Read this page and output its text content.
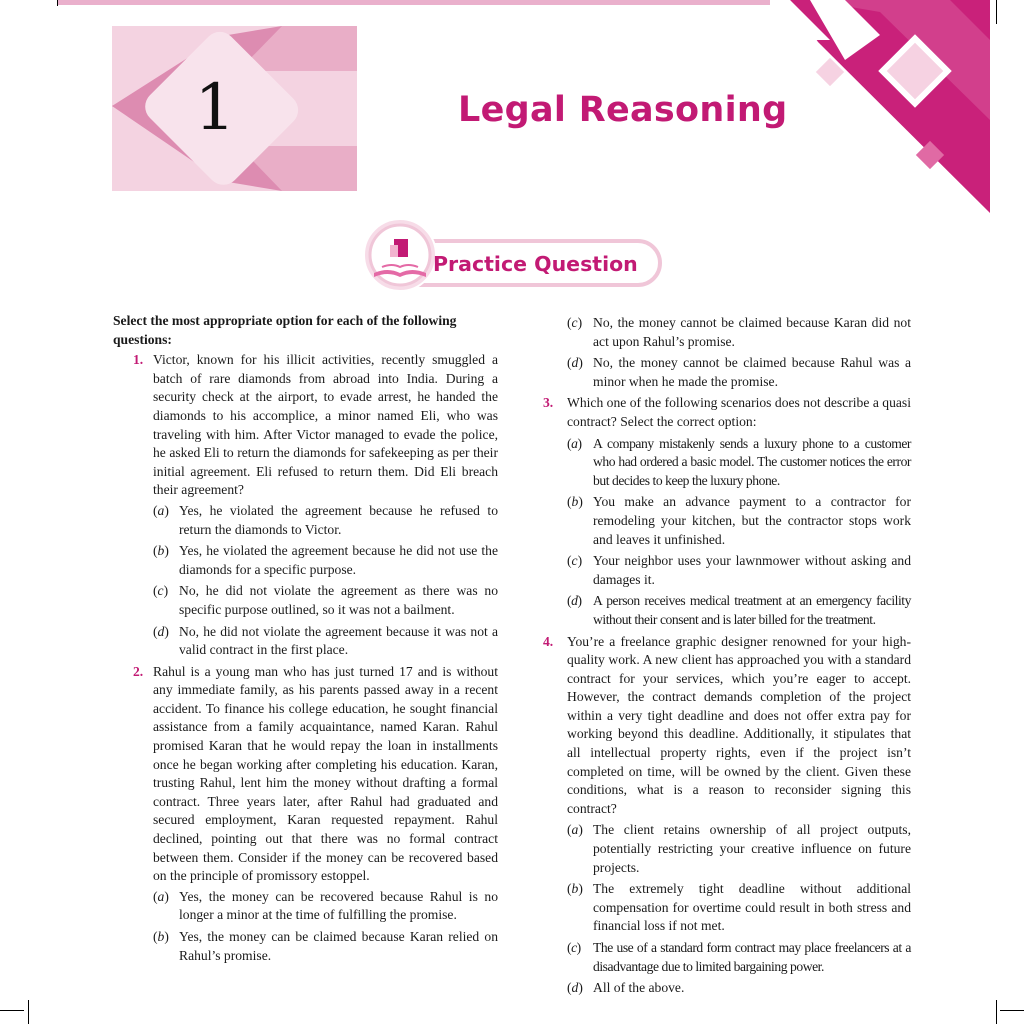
1	Legal Reasoning
Practice Question

Select the most appropriate option for each of the following questions:

1. Victor, known for his illicit activities, recently smuggled a batch of rare diamonds from abroad into India. During a security check at the airport, to evade arrest, he handed the diamonds to his accomplice, a minor named Eli, who was traveling with him. After Victor managed to evade the police, he asked Eli to return the diamonds for safekeeping as per their initial agreement. Eli refused to return them. Did Eli breach their agreement?

(a) Yes, he violated the agreement because he refused to return the diamonds to Victor.
(b) Yes, he violated the agreement because he did not use the diamonds for a specific purpose.
(c) No, he did not violate the agreement as there was no specific purpose outlined, so it was not a bailment.
(d) No, he did not violate the agreement because it was not a valid contract in the first place.
2. Rahul is a young man who has just turned 17 and is without any immediate family, as his parents passed away in a recent accident. To finance his college education, he sought financial assistance from a family acquaintance, named Karan. Rahul promised Karan that he would repay the loan in installments once he began working after completing his education. Karan, trusting Rahul, lent him the money without drafting a formal contract. Three years later, after Rahul had graduated and secured employment, Karan requested repayment. Rahul declined, pointing out that there was no formal contract between them. Consider if the money can be recovered based on the principle of promissory estoppel.

(a) Yes, the money can be recovered because Rahul is no longer a minor at the time of fulfilling the promise.
(b) Yes, the money can be claimed because Karan relied on Rahul’s promise.
(c) No, the money cannot be claimed because Karan did not act upon Rahul’s promise.
(d) No, the money cannot be claimed because Rahul was a minor when he made the promise.
3. Which one of the following scenarios does not describe a quasi contract? Select the correct option:

(a) A company mistakenly sends a luxury phone to a customer who had ordered a basic model. The customer notices the error but decides to keep the luxury phone.
(b) You make an advance payment to a contractor for remodeling your kitchen, but the contractor stops work and leaves it unfinished.
(c) Your neighbor uses your lawnmower without asking and damages it.
(d) A person receives medical treatment at an emergency facility without their consent and is later billed for the treatment.
4. You’re a freelance graphic designer renowned for your high-quality work. A new client has approached you with a standard contract for your services, which you’re eager to accept. However, the contract demands completion of the project within a very tight deadline and does not offer extra pay for working beyond this deadline. Additionally, it stipulates that all intellectual property rights, even if the project isn’t completed on time, will be owned by the client. Given these conditions, what is a reason to reconsider signing this contract?

(a) The client retains ownership of all project outputs, potentially restricting your creative influence on future projects.
(b) The extremely tight deadline without additional compensation for overtime could result in both stress and financial loss if not met.
(c) The use of a standard form contract may place freelancers at a disadvantage due to limited bargaining power.
(d) All of the above.
